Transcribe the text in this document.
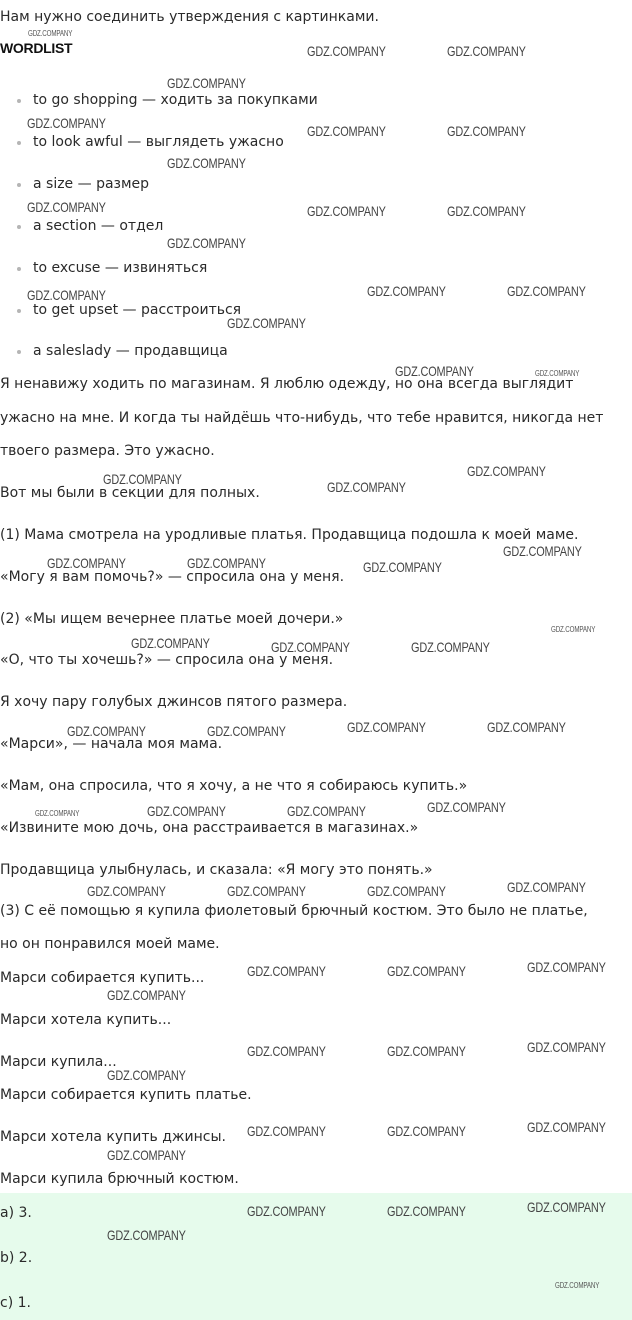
Нам нужно соединить утверждения с картинками.
WORDLIST
to go shopping — ходить за покупками
to look awful — выглядеть ужасно
a size — размер
a section — отдел
to excuse — извиняться
to get upset — расстроиться
a saleslady — продавщица
Я ненавижу ходить по магазинам. Я люблю одежду, но она всегда выглядит
ужасно на мне. И когда ты найдёшь что-нибудь, что тебе нравится, никогда нет
твоего размера. Это ужасно.
Вот мы были в секции для полных.
(1) Мама смотрела на уродливые платья. Продавщица подошла к моей маме.
«Могу я вам помочь?» — спросила она у меня.
(2) «Мы ищем вечернее платье моей дочери.»
«О, что ты хочешь?» — спросила она у меня.
Я хочу пару голубых джинсов пятого размера.
«Марси», — начала моя мама.
«Мам, она спросила, что я хочу, а не что я собираюсь купить.»
«Извините мою дочь, она расстраивается в магазинах.»
Продавщица улыбнулась, и сказала: «Я могу это понять.»
(3) С её помощью я купила фиолетовый брючный костюм. Это было не платье,
но он понравился моей маме.
Марси собирается купить...
Марси хотела купить...
Марси купила...
Марси собирается купить платье.
Марси хотела купить джинсы.
Марси купила брючный костюм.
a) 3.
b) 2.
c) 1.
GDZ.COMPANY
GDZ.COMPANY	GDZ.COMPANY
GDZ.COMPANY
GDZ.COMPANY	GDZ.COMPANY	GDZ.COMPANY
GDZ.COMPANY
GDZ.COMPANY	GDZ.COMPANY	GDZ.COMPANY
GDZ.COMPANY
GDZ.COMPANY	GDZ.COMPANY	GDZ.COMPANY
GDZ.COMPANY
GDZ.COMPANY	GDZ.COMPANY
GDZ.COMPANY
GDZ.COMPANY	GDZ.COMPANY
GDZ.COMPANY
GDZ.COMPANY	GDZ.COMPANY	GDZ.COMPANY
GDZ.COMPANY
GDZ.COMPANY	GDZ.COMPANY	GDZ.COMPANY
GDZ.COMPANY	GDZ.COMPANY
GDZ.COMPANY	GDZ.COMPANY
GDZ.COMPANY
GDZ.COMPANY	GDZ.COMPANY	GDZ.COMPANY
GDZ.COMPANY	GDZ.COMPANY	GDZ.COMPANY	GDZ.COMPANY
GDZ.COMPANY	GDZ.COMPANY	GDZ.COMPANY
GDZ.COMPANY
GDZ.COMPANY	GDZ.COMPANY	GDZ.COMPANY
GDZ.COMPANY
GDZ.COMPANY	GDZ.COMPANY	GDZ.COMPANY
GDZ.COMPANY
GDZ.COMPANY	GDZ.COMPANY	GDZ.COMPANY
GDZ.COMPANY
GDZ.COMPANY
